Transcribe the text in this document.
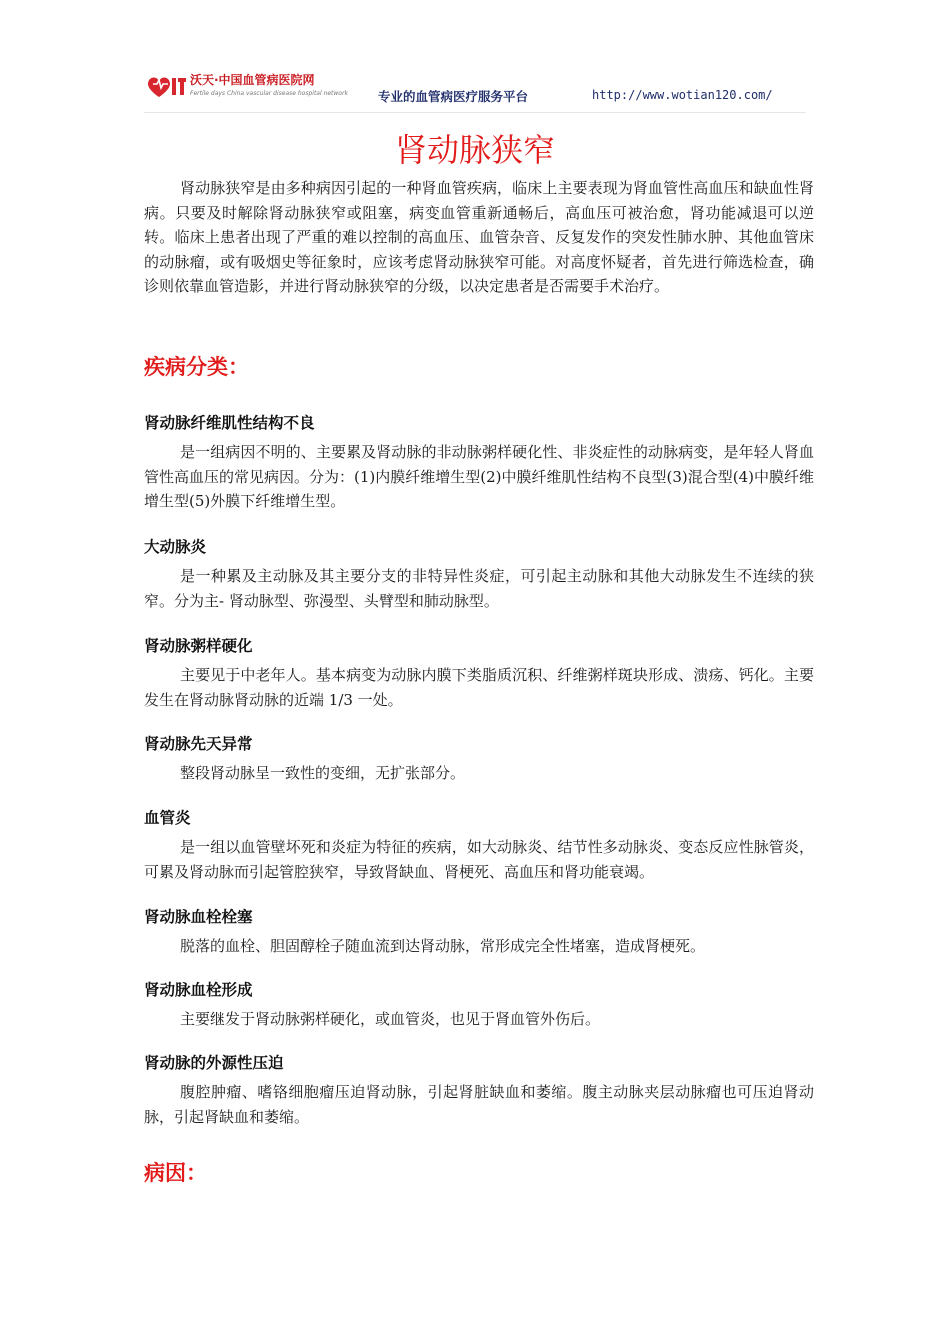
沃天·中国血管病医院网
Fertile days China vascular disease hospital network 专业的血管病医疗服务平台	http://www.wotian120.com/
肾动脉狭窄

肾动脉狭窄是由多种病因引起的一种肾血管疾病，临床上主要表现为肾血管性高血压和缺血性肾病。只要及时解除肾动脉狭窄或阻塞，病变血管重新通畅后，高血压可被治愈，肾功能减退可以逆转。临床上患者出现了严重的难以控制的高血压、血管杂音、反复发作的突发性肺水肿、其他血管床的动脉瘤，或有吸烟史等征象时，应该考虑肾动脉狭窄可能。对高度怀疑者，首先进行筛选检查，确诊则依靠血管造影，并进行肾动脉狭窄的分级，以决定患者是否需要手术治疗。

疾病分类：
肾动脉纤维肌性结构不良

是一组病因不明的、主要累及肾动脉的非动脉粥样硬化性、非炎症性的动脉病变，是年轻人肾血管性高血压的常见病因。分为：(1)内膜纤维增生型(2)中膜纤维肌性结构不良型(3)混合型(4)中膜纤维增生型(5)外膜下纤维增生型。

大动脉炎

是一种累及主动脉及其主要分支的非特异性炎症，可引起主动脉和其他大动脉发生不连续的狭窄。分为主- 肾动脉型、弥漫型、头臂型和肺动脉型。

肾动脉粥样硬化

主要见于中老年人。基本病变为动脉内膜下类脂质沉积、纤维粥样斑块形成、溃疡、钙化。主要发生在肾动脉肾动脉的近端 1/3 一处。

肾动脉先天异常

整段肾动脉呈一致性的变细，无扩张部分。

血管炎

是一组以血管壁坏死和炎症为特征的疾病，如大动脉炎、结节性多动脉炎、变态反应性脉管炎，可累及肾动脉而引起管腔狭窄，导致肾缺血、肾梗死、高血压和肾功能衰竭。

肾动脉血栓栓塞

脱落的血栓、胆固醇栓子随血流到达肾动脉，常形成完全性堵塞，造成肾梗死。

肾动脉血栓形成

主要继发于肾动脉粥样硬化，或血管炎，也见于肾血管外伤后。

肾动脉的外源性压迫

腹腔肿瘤、嗜铬细胞瘤压迫肾动脉，引起肾脏缺血和萎缩。腹主动脉夹层动脉瘤也可压迫肾动脉，引起肾缺血和萎缩。

病因：
